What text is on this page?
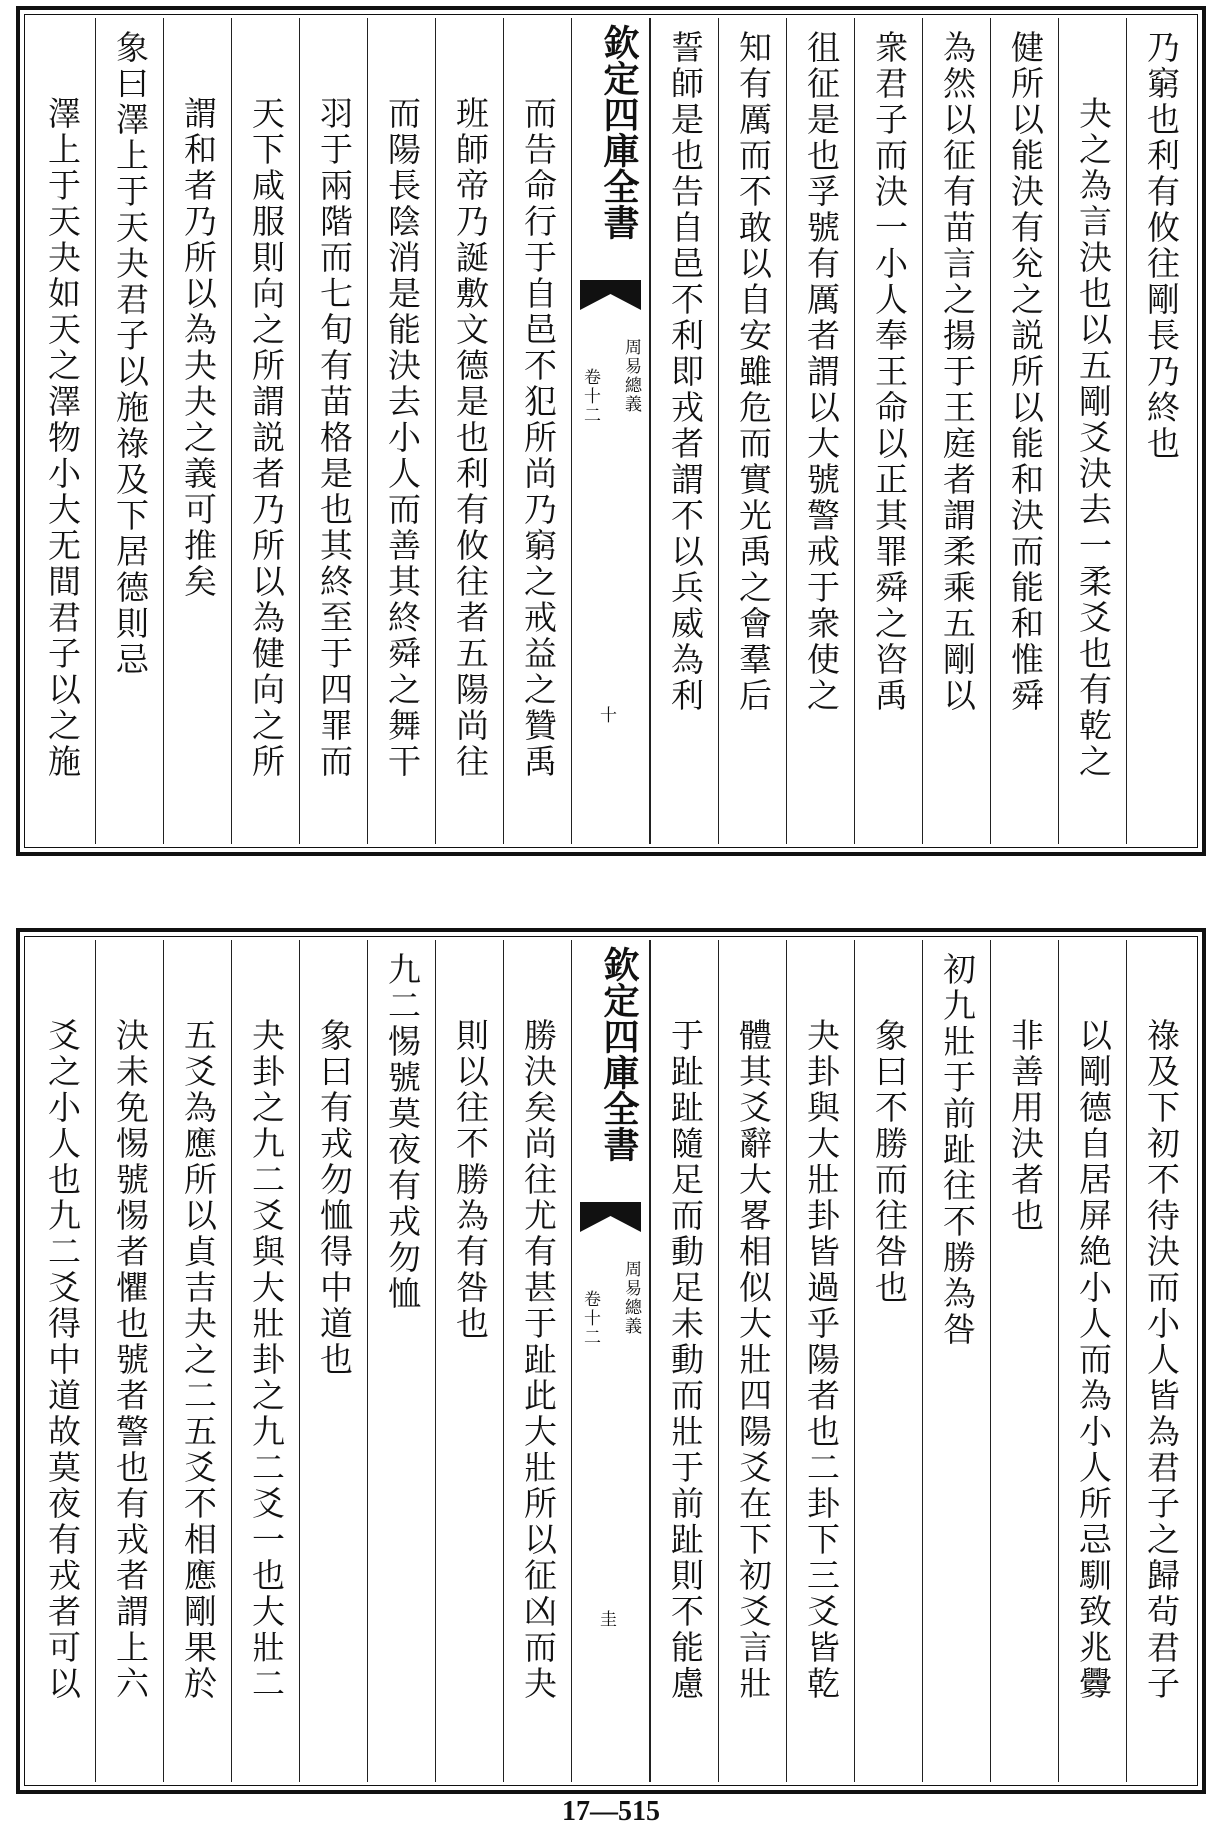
乃窮也利有攸往剛長乃終也
夬之為言決也以五剛爻決去一柔爻也有乾之
健所以能決有兊之説所以能和決而能和惟舜
為然以征有苗言之揚于王庭者謂柔乘五剛以
衆君子而決一小人奉王命以正其罪舜之咨禹
徂征是也孚號有厲者謂以大號警戒于衆使之
知有厲而不敢以自安雖危而實光禹之會羣后
誓師是也告自邑不利即戎者謂不以兵威為利
欽定四庫全書
周易總義
卷十二
十
而告命行于自邑不犯所尚乃窮之戒益之贊禹
班師帝乃誕敷文德是也利有攸往者五陽尚往
而陽長陰消是能決去小人而善其終舜之舞干
羽于兩階而七旬有苗格是也其終至于四罪而
天下咸服則向之所謂説者乃所以為健向之所
謂和者乃所以為夬夬之義可推矣
象曰澤上于天夬君子以施祿及下居德則忌
澤上于天夬如天之澤物小大无間君子以之施
祿及下初不待決而小人皆為君子之歸茍君子
以剛德自居屏絶小人而為小人所忌馴致兆釁
非善用決者也
初九壯于前趾往不勝為咎
象曰不勝而往咎也
夬卦與大壯卦皆過乎陽者也二卦下三爻皆乾
體其爻辭大畧相似大壯四陽爻在下初爻言壯
于趾趾隨足而動足未動而壯于前趾則不能慮
欽定四庫全書
周易總義
卷十二
圭
勝決矣尚往尤有甚于趾此大壯所以征凶而夬
則以往不勝為有咎也
九二惕號莫夜有戎勿恤
象曰有戎勿恤得中道也
夬卦之九二爻與大壯卦之九二爻一也大壯二
五爻為應所以貞吉夬之二五爻不相應剛果於
決未免惕號惕者懼也號者警也有戎者謂上六
爻之小人也九二爻得中道故莫夜有戎者可以
17—515
